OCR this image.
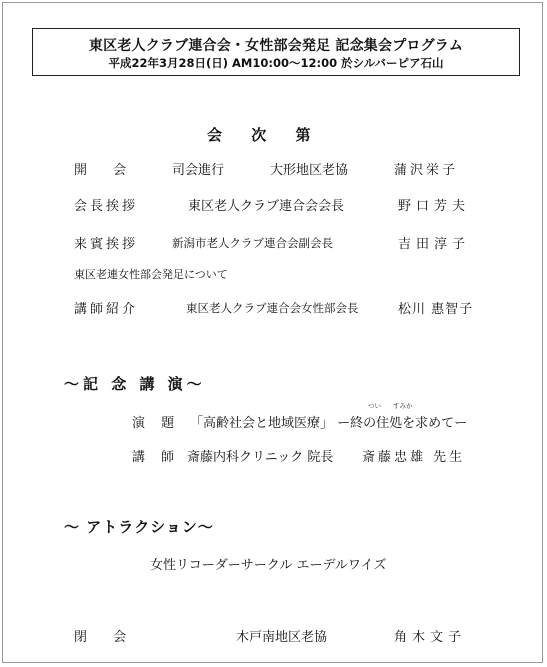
東区老人クラブ連合会・女性部会発足 記念集会プログラム
平成22年3月28日(日) AM10:00〜12:00 於シルバーピア石山
会 次 第
開 会	司会進行	大形地区老協	蒲沢栄子
会長挨拶	東区老人クラブ連合会会長	野口芳夫
来賓挨拶	新潟市老人クラブ連合会副会長	吉田淳子
東区老連女性部会発足について
講師紹介	東区老人クラブ連合会女性部会長	松川 惠智子
〜記 念 講 演〜
演 題 「高齢社会と地域医療」 ー終の住処を求めてー
つい すみか
講 師 斎藤内科クリニック 院長 斎藤忠雄 先生
〜 アトラクション〜
女性リコーダーサークル エーデルワイズ
閉 会	木戸南地区老協	角木文子
